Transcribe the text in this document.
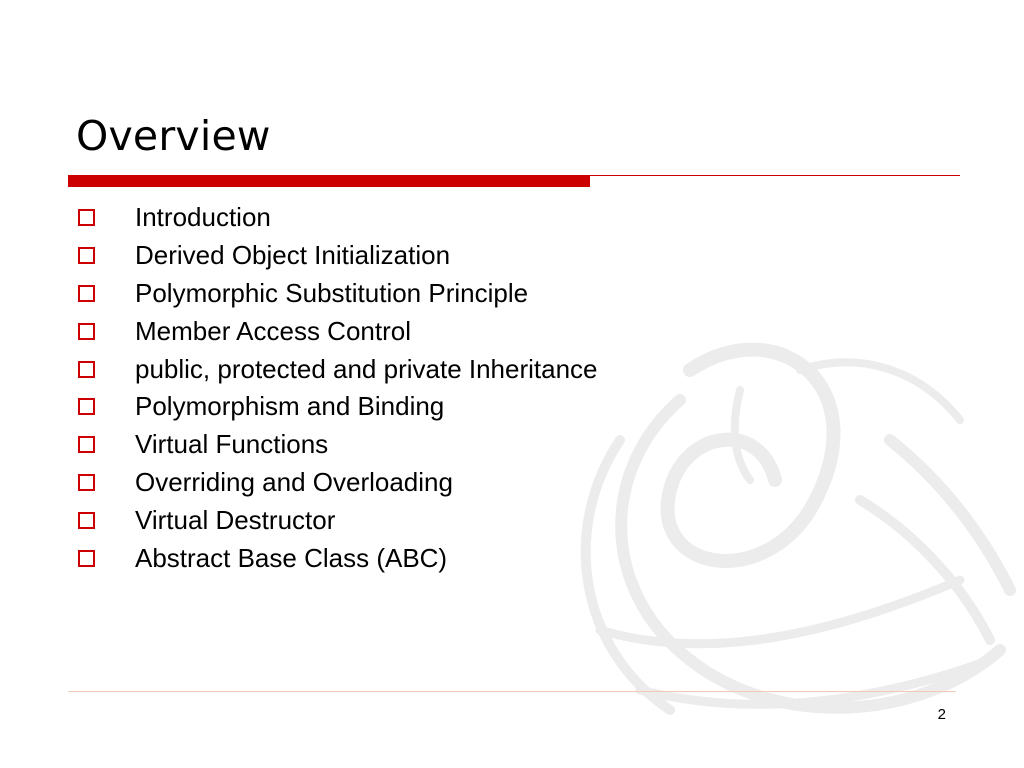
Overview
Introduction
Derived Object Initialization
Polymorphic Substitution Principle
Member Access Control
public, protected and private Inheritance
Polymorphism and Binding
Virtual Functions
Overriding and Overloading
Virtual Destructor
Abstract Base Class (ABC)
2
